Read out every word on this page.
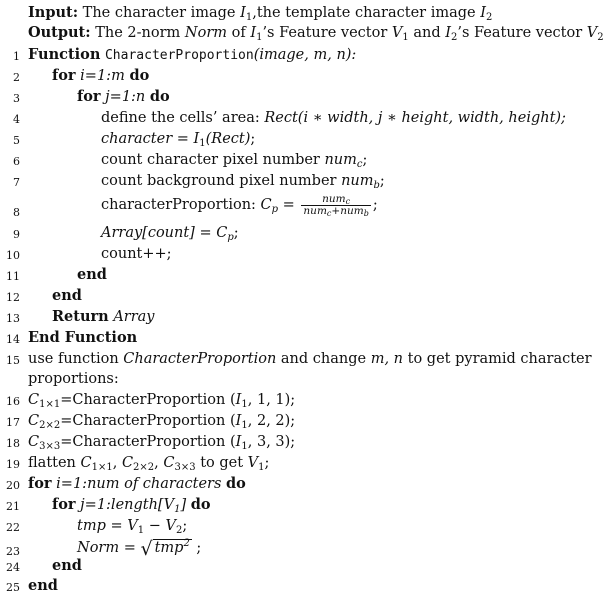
Input: The character image $I_1,the$ template character image $I_2$
Output: The 2-norm Norm of $I_1’s$ Feature vector $V_1$ and $I_2’s$ Feature vector $V_2$
1 Function CharacterProportion(image, m, n):
2 for i=1:m do
3	for j=1:n do
4	define the cells’ area: Rect(i ∗ width, j ∗ height, width, height);
5	character = $I_1(Rect)$;
6	count character pixel number num$_c$;
7	count background pixel number num$_b$;
8	characterProportion: $C_p = \frac{num_c}{num_c+num_b}$ ;
9	Array[count] = $C_p$;
10	count++;
11	end
12 end
13 Return Array
14 End Function
15 use function CharacterProportion and change m, n to get pyramid character
proportions:
16 $C_{1\times 1}=CharacterProportion$ ($I_1$, 1, 1);
17 $C_{2\times 2}=CharacterProportion$ ($I_1$, 2, 2);
18 $C_{3\times 3}=CharacterProportion$ ($I_1$, 3, 3);
19 flatten $C_{1\times 1}$, $C_{2\times 2}$, $C_{3\times 3}$ to get $V_1$;
20 for i=1:num of characters do
21 for $j=1:length[V_1]$ do
22	tmp = $V_1 - V_2$;
23	Norm = √ tmp$^2$ ;
24 end
25 end
